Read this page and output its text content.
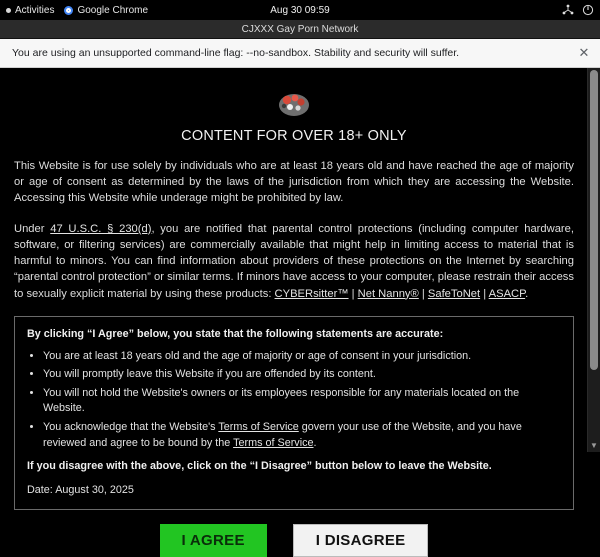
Activities Google Chrome	Aug 30 09:59
CJXXX Gay Porn Network
You are using an unsupported command-line flag: --no-sandbox. Stability and security will suffer.	✕
CONTENT FOR OVER 18+ ONLY

This Website is for use solely by individuals who are at least 18 years old and have reached the age of majority or age of consent as determined by the laws of the jurisdiction from which they are accessing the Website. Accessing this Website while underage might be prohibited by law.

Under 47 U.S.C. § 230(d), you are notified that parental control protections (including computer hardware, software, or filtering services) are commercially available that might help in limiting access to material that is harmful to minors. You can find information about providers of these protections on the Internet by searching “parental control protection” or similar terms. If minors have access to your computer, please restrain their access to sexually explicit material by using these products: CYBERsitter™ | Net Nanny® | SafeToNet | ASACP.

By clicking “I Agree” below, you state that the following statements are accurate:

• You are at least 18 years old and the age of majority or age of consent in your jurisdiction.
• You will promptly leave this Website if you are offended by its content.
• You will not hold the Website's owners or its employees responsible for any materials located on the Website.
• You acknowledge that the Website's Terms of Service govern your use of the Website, and you have reviewed and agree to be bound by the Terms of Service.

If you disagree with the above, click on the “I Disagree” button below to leave the Website.

Date: August 30, 2025

I AGREE	I DISAGREE
▼
